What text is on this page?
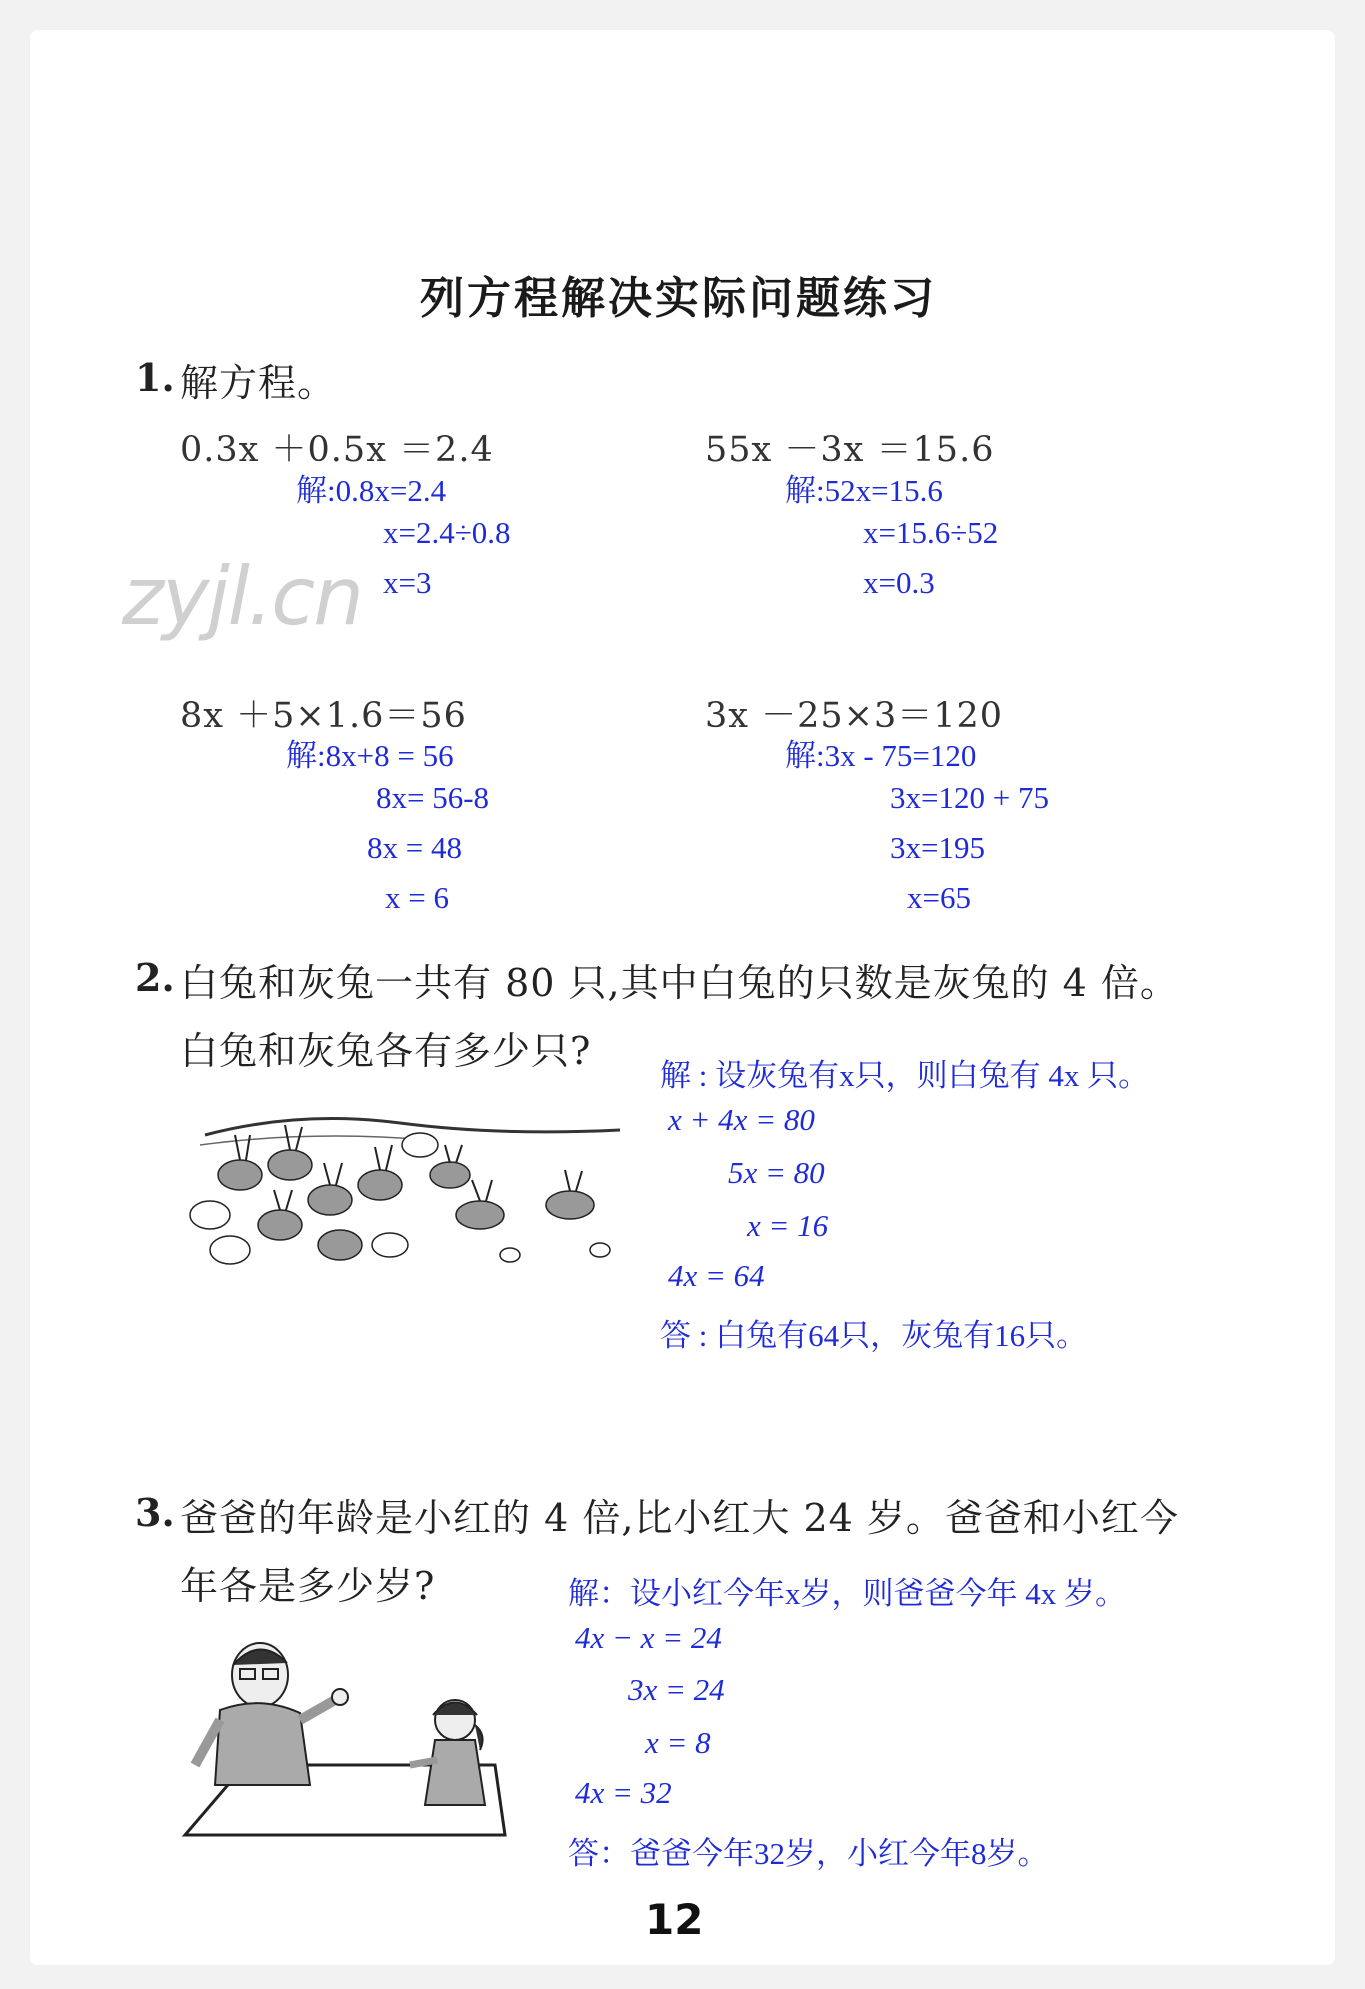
列方程解决实际问题练习
zyjl.cn
1. 解方程。
0.3x ＋0.5x ＝2.4
解:0.8x=2.4
x=2.4÷0.8
x=3
55x －3x ＝15.6
解:52x=15.6
x=15.6÷52
x=0.3
8x ＋5×1.6＝56
解:8x+8 = 56
8x= 56-8
8x = 48
x = 6
3x －25×3＝120
解:3x - 75=120
3x=120 + 75
3x=195
x=65
2. 白兔和灰兔一共有 80 只,其中白兔的只数是灰兔的 4 倍。
白兔和灰兔各有多少只?
解 : 设灰兔有x只，则白兔有 4x 只。
x + 4x = 80
5x = 80
x = 16
4x = 64
答 : 白兔有64只，灰兔有16只。
3. 爸爸的年龄是小红的 4 倍,比小红大 24 岁。爸爸和小红今
年各是多少岁?	解：设小红今年x岁，则爸爸今年 4x 岁。
4x − x = 24
3x = 24
x = 8
4x = 32
答：爸爸今年32岁，小红今年8岁。
12
